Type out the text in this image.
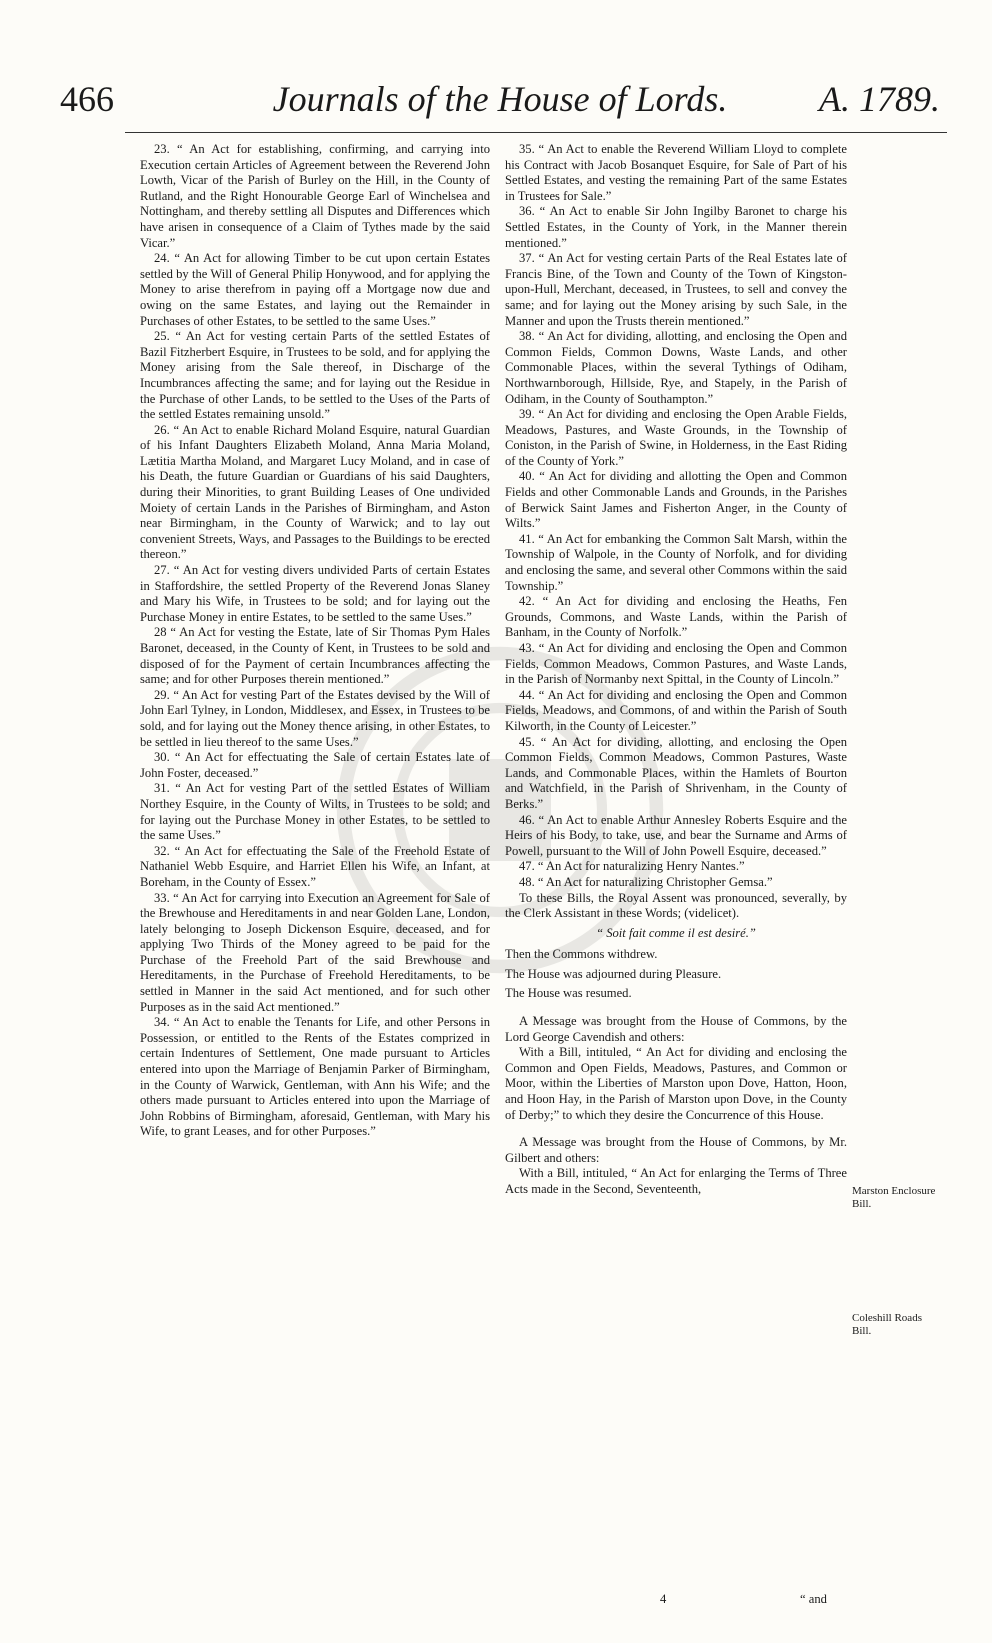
466	Journals of the House of Lords.	A. 1789.

23. “ An Act for establishing, confirming, and carrying into Execution certain Articles of Agreement between the Reverend John Lowth, Vicar of the Parish of Burley on the Hill, in the County of Rutland, and the Right Honourable George Earl of Winchelsea and Nottingham, and thereby settling all Disputes and Differences which have arisen in consequence of a Claim of Tythes made by the said Vicar.”

24. “ An Act for allowing Timber to be cut upon certain Estates settled by the Will of General Philip Honywood, and for applying the Money to arise therefrom in paying off a Mortgage now due and owing on the same Estates, and laying out the Remainder in Purchases of other Estates, to be settled to the same Uses.”

25. “ An Act for vesting certain Parts of the settled Estates of Bazil Fitzherbert Esquire, in Trustees to be sold, and for applying the Money arising from the Sale thereof, in Discharge of the Incumbrances affecting the same; and for laying out the Residue in the Purchase of other Lands, to be settled to the Uses of the Parts of the settled Estates remaining unsold.”

26. “ An Act to enable Richard Moland Esquire, natural Guardian of his Infant Daughters Elizabeth Moland, Anna Maria Moland, Lætitia Martha Moland, and Margaret Lucy Moland, and in case of his Death, the future Guardian or Guardians of his said Daughters, during their Minorities, to grant Building Leases of One undivided Moiety of certain Lands in the Parishes of Birmingham, and Aston near Birmingham, in the County of Warwick; and to lay out convenient Streets, Ways, and Passages to the Buildings to be erected thereon.”

27. “ An Act for vesting divers undivided Parts of certain Estates in Staffordshire, the settled Property of the Reverend Jonas Slaney and Mary his Wife, in Trustees to be sold; and for laying out the Purchase Money in entire Estates, to be settled to the same Uses.”

28 “ An Act for vesting the Estate, late of Sir Thomas Pym Hales Baronet, deceased, in the County of Kent, in Trustees to be sold and disposed of for the Payment of certain Incumbrances affecting the same; and for other Purposes therein mentioned.”

29. “ An Act for vesting Part of the Estates devised by the Will of John Earl Tylney, in London, Middlesex, and Essex, in Trustees to be sold, and for laying out the Money thence arising, in other Estates, to be settled in lieu thereof to the same Uses.”

30. “ An Act for effectuating the Sale of certain Estates late of John Foster, deceased.”

31. “ An Act for vesting Part of the settled Estates of William Northey Esquire, in the County of Wilts, in Trustees to be sold; and for laying out the Purchase Money in other Estates, to be settled to the same Uses.”

32. “ An Act for effectuating the Sale of the Freehold Estate of Nathaniel Webb Esquire, and Harriet Ellen his Wife, an Infant, at Boreham, in the County of Essex.”

33. “ An Act for carrying into Execution an Agreement for Sale of the Brewhouse and Hereditaments in and near Golden Lane, London, lately belonging to Joseph Dickenson Esquire, deceased, and for applying Two Thirds of the Money agreed to be paid for the Purchase of the Freehold Part of the said Brewhouse and Hereditaments, in the Purchase of Freehold Hereditaments, to be settled in Manner in the said Act mentioned, and for such other Purposes as in the said Act mentioned.”

34. “ An Act to enable the Tenants for Life, and other Persons in Possession, or entitled to the Rents of the Estates comprized in certain Indentures of Settlement, One made pursuant to Articles entered into upon the Marriage of Benjamin Parker of Birmingham, in the County of Warwick, Gentleman, with Ann his Wife; and the others made pursuant to Articles entered into upon the Marriage of John Robbins of Birmingham, aforesaid, Gentleman, with Mary his Wife, to grant Leases, and for other Purposes.”

35. “ An Act to enable the Reverend William Lloyd to complete his Contract with Jacob Bosanquet Esquire, for Sale of Part of his Settled Estates, and vesting the remaining Part of the same Estates in Trustees for Sale.”

36. “ An Act to enable Sir John Ingilby Baronet to charge his Settled Estates, in the County of York, in the Manner therein mentioned.”

37. “ An Act for vesting certain Parts of the Real Estates late of Francis Bine, of the Town and County of the Town of Kingston-upon-Hull, Merchant, deceased, in Trustees, to sell and convey the same; and for laying out the Money arising by such Sale, in the Manner and upon the Trusts therein mentioned.”

38. “ An Act for dividing, allotting, and enclosing the Open and Common Fields, Common Downs, Waste Lands, and other Commonable Places, within the several Tythings of Odiham, Northwarnborough, Hillside, Rye, and Stapely, in the Parish of Odiham, in the County of Southampton.”

39. “ An Act for dividing and enclosing the Open Arable Fields, Meadows, Pastures, and Waste Grounds, in the Township of Coniston, in the Parish of Swine, in Holderness, in the East Riding of the County of York.”

40. “ An Act for dividing and allotting the Open and Common Fields and other Commonable Lands and Grounds, in the Parishes of Berwick Saint James and Fisherton Anger, in the County of Wilts.”

41. “ An Act for embanking the Common Salt Marsh, within the Township of Walpole, in the County of Norfolk, and for dividing and enclosing the same, and several other Commons within the said Township.”

42. “ An Act for dividing and enclosing the Heaths, Fen Grounds, Commons, and Waste Lands, within the Parish of Banham, in the County of Norfolk.”

43. “ An Act for dividing and enclosing the Open and Common Fields, Common Meadows, Common Pastures, and Waste Lands, in the Parish of Normanby next Spittal, in the County of Lincoln.”

44. “ An Act for dividing and enclosing the Open and Common Fields, Meadows, and Commons, of and within the Parish of South Kilworth, in the County of Leicester.”

45. “ An Act for dividing, allotting, and enclosing the Open Common Fields, Common Meadows, Common Pastures, Waste Lands, and Commonable Places, within the Hamlets of Bourton and Watchfield, in the Parish of Shrivenham, in the County of Berks.”

46. “ An Act to enable Arthur Annesley Roberts Esquire and the Heirs of his Body, to take, use, and bear the Surname and Arms of Powell, pursuant to the Will of John Powell Esquire, deceased.”

47. “ An Act for naturalizing Henry Nantes.”

48. “ An Act for naturalizing Christopher Gemsa.”

To these Bills, the Royal Assent was pronounced, severally, by the Clerk Assistant in these Words; (videlicet).

“ Soit fait comme il est desiré.”

Then the Commons withdrew.

The House was adjourned during Pleasure.

The House was resumed.

A Message was brought from the House of Commons, by the Lord George Cavendish and others:

With a Bill, intituled, “ An Act for dividing and enclosing the Common and Open Fields, Meadows, Pastures, and Common or Moor, within the Liberties of Marston upon Dove, Hatton, Hoon, and Hoon Hay, in the Parish of Marston upon Dove, in the County of Derby;” to which they desire the Concurrence of this House.

A Message was brought from the House of Commons, by Mr. Gilbert and others:

With a Bill, intituled, “ An Act for enlarging the Terms of Three Acts made in the Second, Seventeenth,	Marston Enclosure Bill.
Coleshill Roads Bill.
4	“ and
